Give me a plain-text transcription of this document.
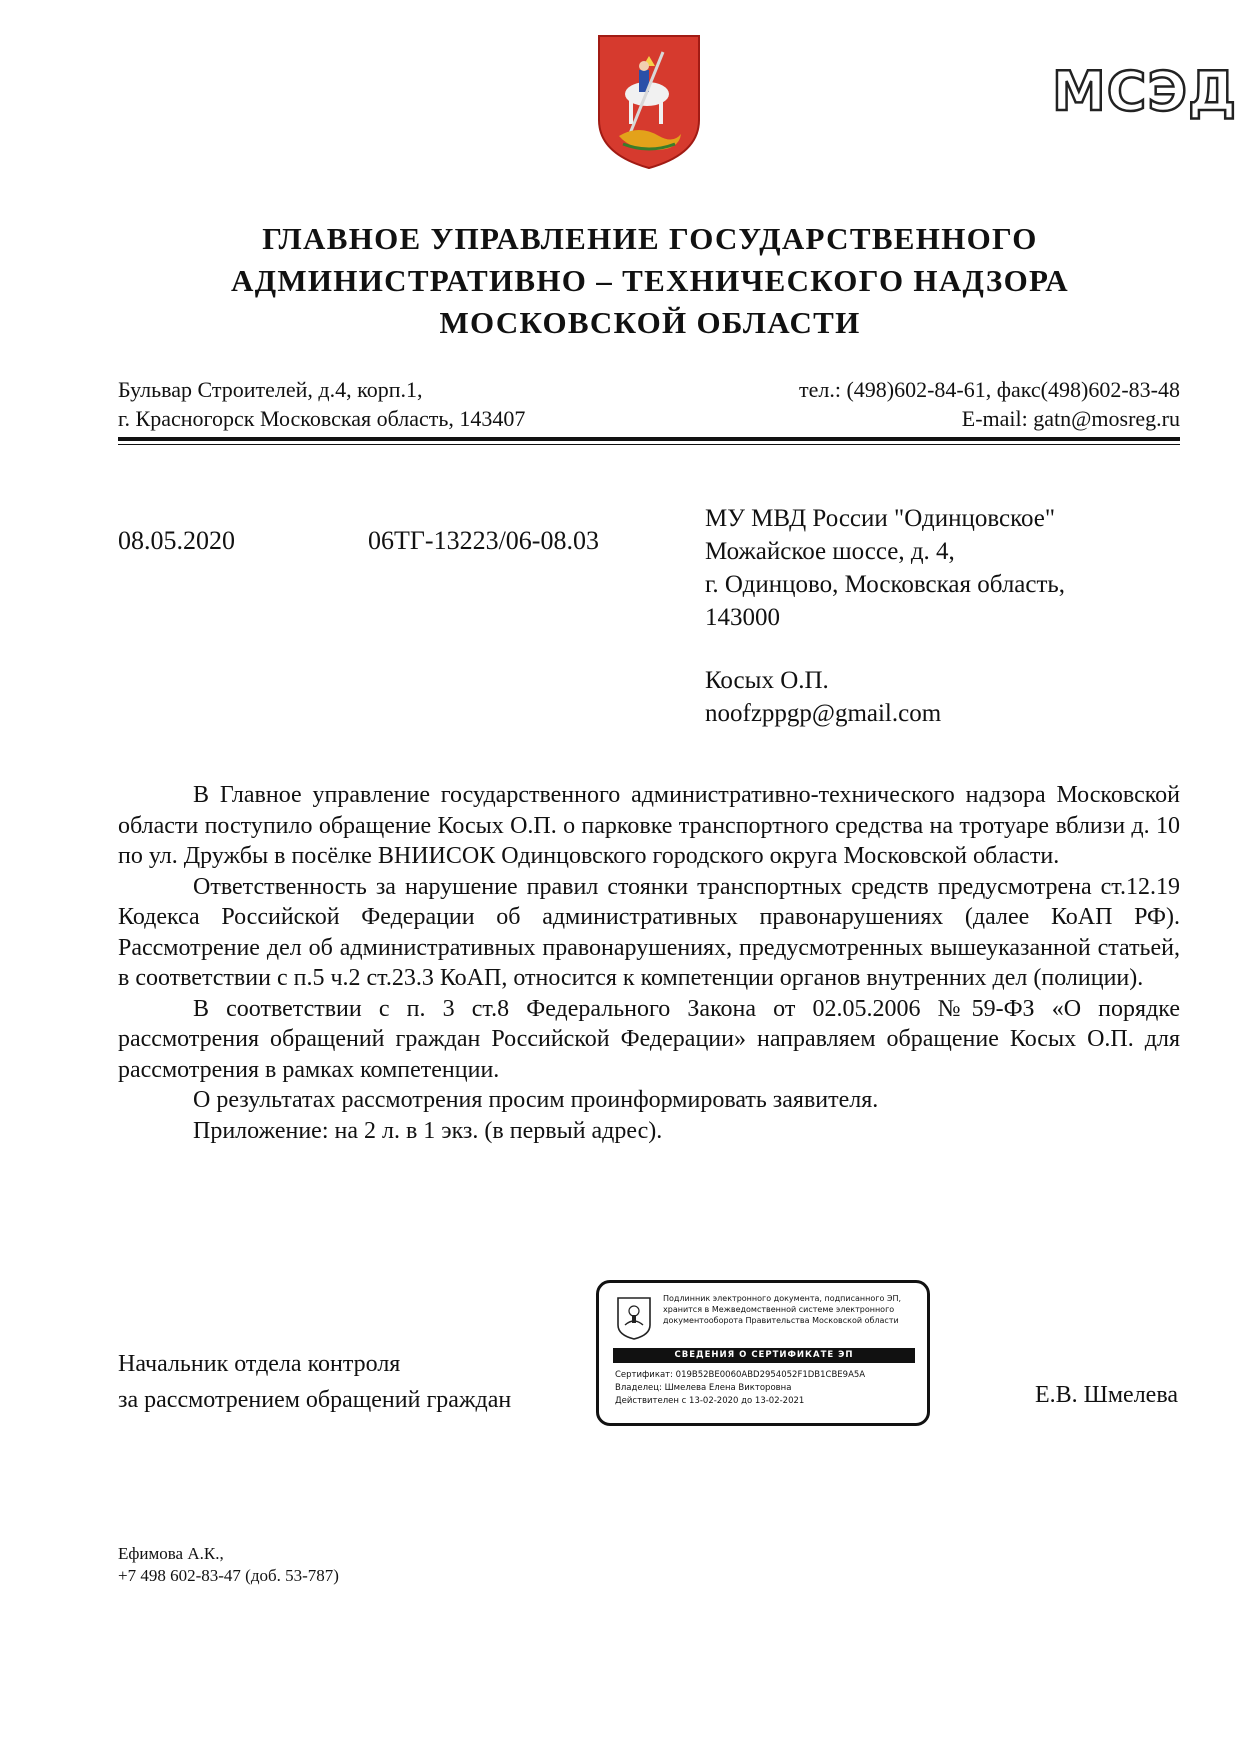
МСЭД
ГЛАВНОЕ УПРАВЛЕНИЕ ГОСУДАРСТВЕННОГО
АДМИНИСТРАТИВНО – ТЕХНИЧЕСКОГО НАДЗОРА
МОСКОВСКОЙ ОБЛАСТИ
Бульвар Строителей, д.4, корп.1,
г. Красногорск Московская область, 143407
тел.: (498)602-84-61, факс(498)602-83-48
E-mail: gatn@mosreg.ru
08.05.2020	06ТГ-13223/06-08.03
МУ МВД России "Одинцовское"
Можайское шоссе, д. 4,
г. Одинцово, Московская область,
143000
Косых О.П.
noofzppgp@gmail.com

В Главное управление государственного административно-технического надзора Московской области поступило обращение Косых О.П. о парковке транспортного средства на тротуаре вблизи д. 10 по ул. Дружбы в посёлке ВНИИСОК Одинцовского городского округа Московской области.

Ответственность за нарушение правил стоянки транспортных средств предусмотрена ст.12.19 Кодекса Российской Федерации об административных правонарушениях (далее КоАП РФ). Рассмотрение дел об административных правонарушениях, предусмотренных вышеуказанной статьей, в соответствии с п.5 ч.2 ст.23.3 КоАП, относится к компетенции органов внутренних дел (полиции).

В соответствии с п. 3 ст.8 Федерального Закона от 02.05.2006 №59-ФЗ «О порядке рассмотрения обращений граждан Российской Федерации» направляем обращение Косых О.П. для рассмотрения в рамках компетенции.

О результатах рассмотрения просим проинформировать заявителя.

Приложение: на 2 л. в 1 экз. (в первый адрес).

Начальник отдела контроля
за рассмотрением обращений граждан
Подлинник электронного документа, подписанного ЭП, хранится в Межведомственной системе электронного документооборота Правительства Московской области
СВЕДЕНИЯ О СЕРТИФИКАТЕ ЭП
Сертификат: 019B52BE0060ABD2954052F1DB1CBE9A5A
Владелец: Шмелева Елена Викторовна
Действителен с 13-02-2020 до 13-02-2021	Е.В. Шмелева
Ефимова А.К.,
+7 498 602-83-47 (доб. 53-787)
